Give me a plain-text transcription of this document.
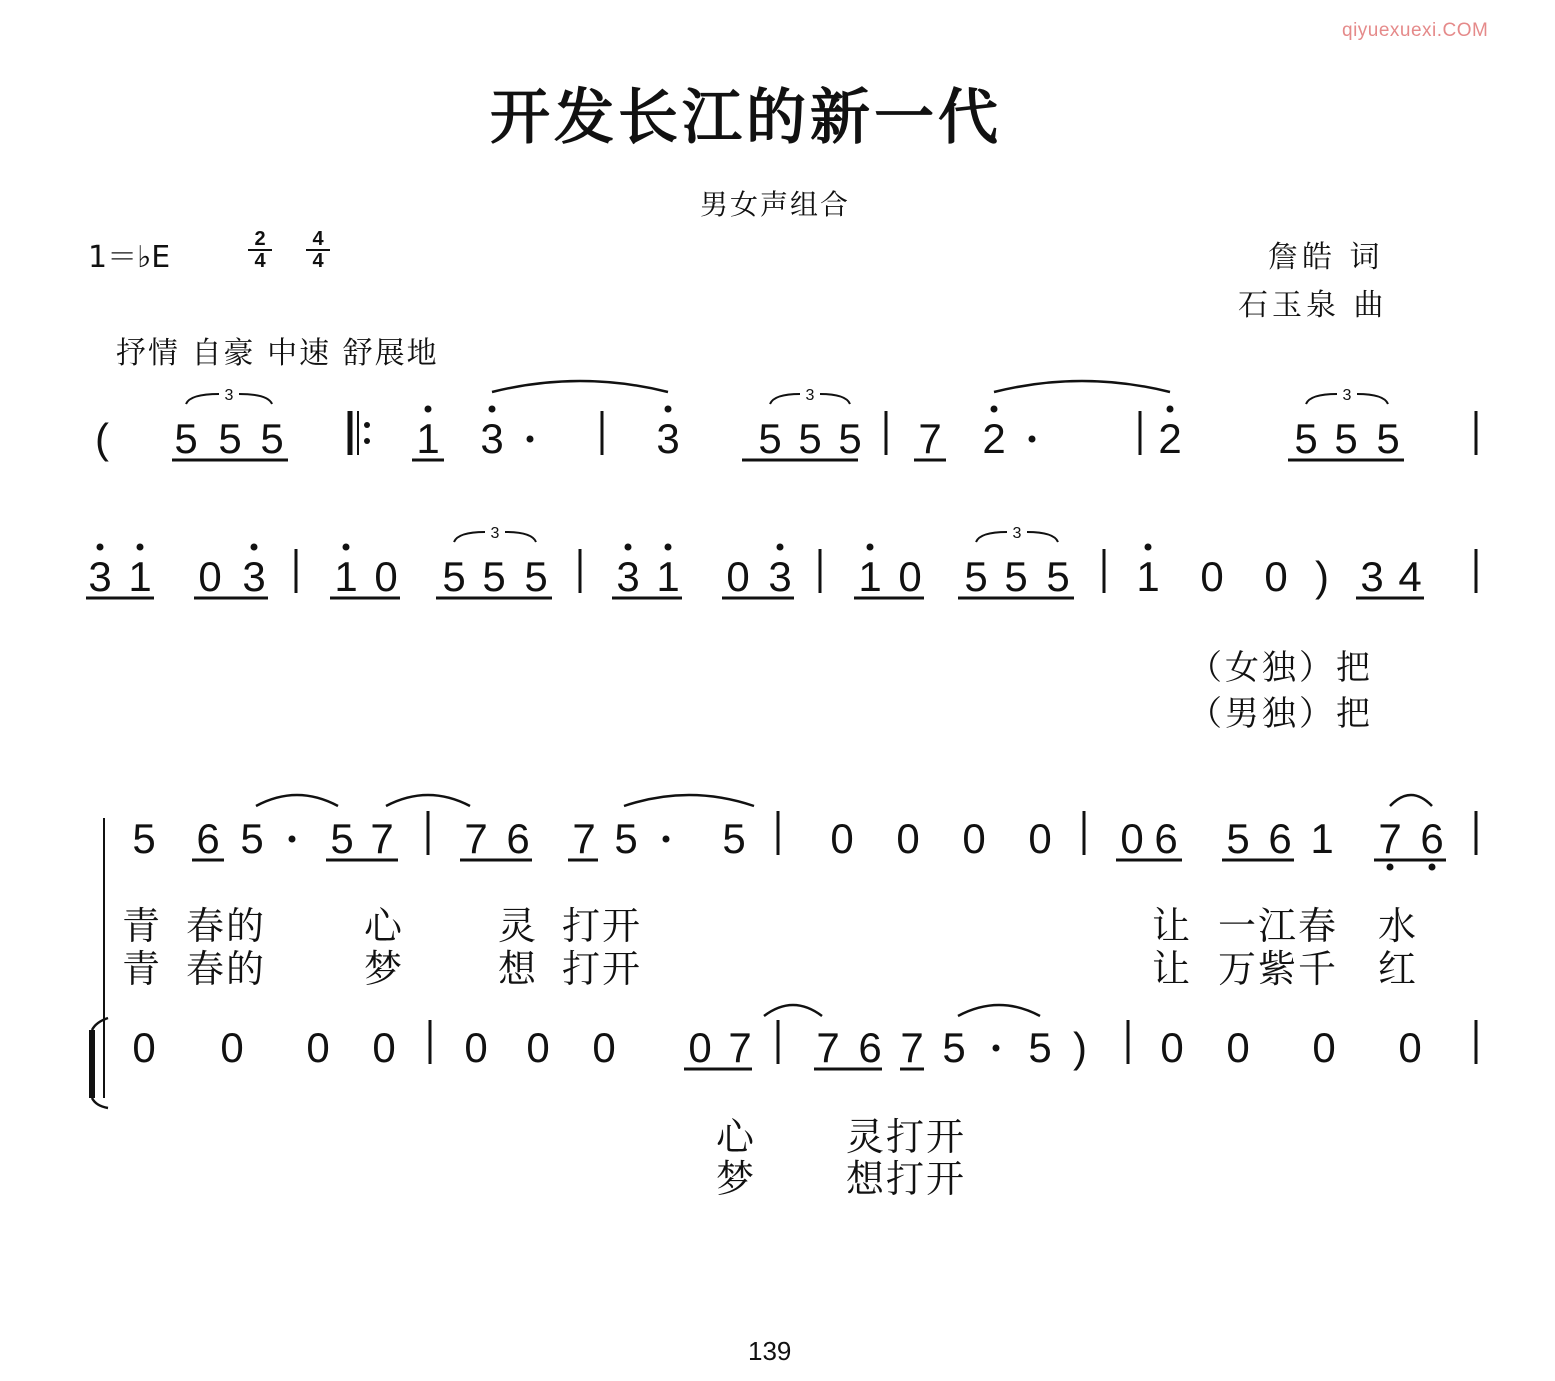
qiyuexuexi.COM
开发长江的新一代
男女声组合
1＝♭E
2
4
4
4	詹皓 词
石玉泉 曲
抒情 自豪 中速 舒展地
( 5 5 5	1 3	3 5 5 5 7 2	2	5 5 5
3 1 0 3 1 0 5 5 5 3 1 0 3 1 0 5 5 5 1 0 0 ) 3 4
5 6 5 5 7 7 6 7 5 5 0 0 0 0 0 6 5 6 1 7 6
0 0 0 0 0 0 0 0 7 7 6 7 5 5 ) 0 0 0 0
3	3	3
3	3
（女独）把
（男独）把
青 春的	心 灵 打开	让 一江春 水
青 春的	梦 想 打开	让 万紫千 红
心 灵打开
梦 想打开
139
